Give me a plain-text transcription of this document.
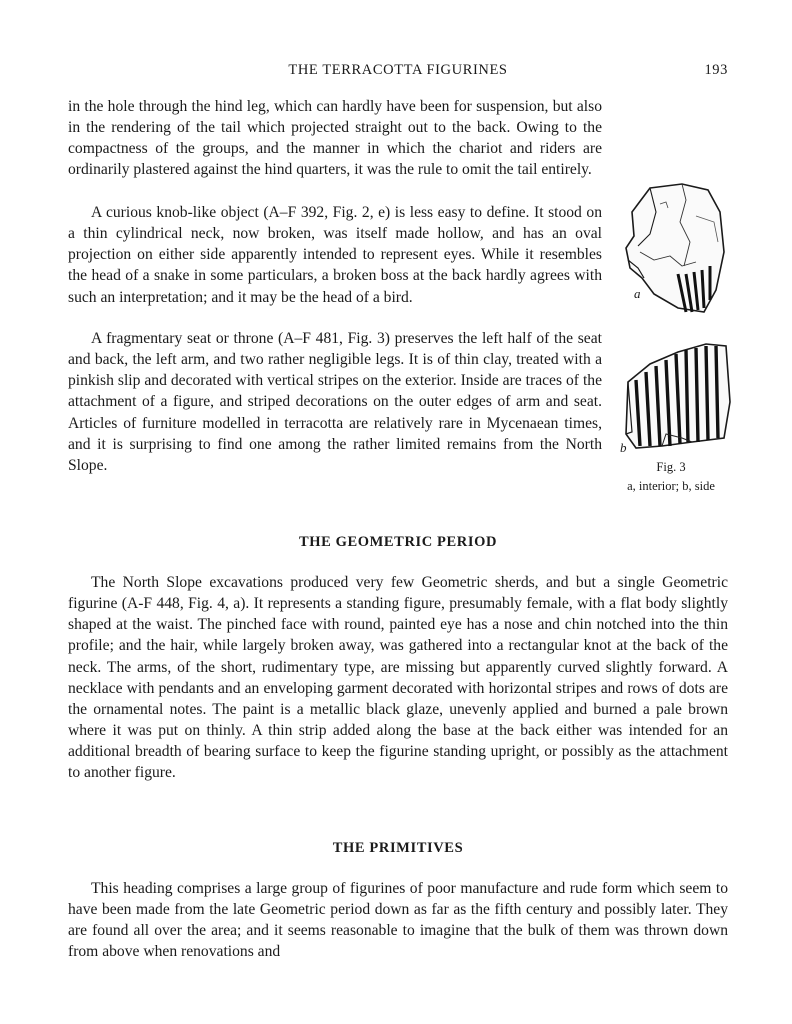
THE TERRACOTTA FIGURINES	193

in the hole through the hind leg, which can hardly have been for suspension, but also in the rendering of the tail which projected straight out to the back. Owing to the compactness of the groups, and the manner in which the chariot and riders are ordinarily plastered against the hind quarters, it was the rule to omit the tail entirely.

A curious knob-like object (A–F 392, Fig. 2, e) is less easy to define. It stood on a thin cylindrical neck, now broken, was itself made hollow, and has an oval projection on either side apparently intended to represent eyes. While it resembles the head of a snake in some particulars, a broken boss at the back hardly agrees with such an interpretation; and it may be the head of a bird.

A fragmentary seat or throne (A–F 481, Fig. 3) preserves the left half of the seat and back, the left arm, and two rather negligible legs. It is of thin clay, treated with a pinkish slip and decorated with vertical stripes on the exterior. Inside are traces of the attachment of a figure, and striped decorations on the outer edges of arm and seat. Articles of furniture modelled in terracotta are relatively rare in Mycenaean times, and it is surprising to find one among the rather limited remains from the North Slope.

a
b

Fig. 3

a, interior; b, side

THE GEOMETRIC PERIOD

The North Slope excavations produced very few Geometric sherds, and but a single Geometric figurine (A-F 448, Fig. 4, a). It represents a standing figure, presumably female, with a flat body slightly shaped at the waist. The pinched face with round, painted eye has a nose and chin notched into the thin profile; and the hair, while largely broken away, was gathered into a rectangular knot at the back of the neck. The arms, of the short, rudimentary type, are missing but apparently curved slightly forward. A necklace with pendants and an enveloping garment decorated with horizontal stripes and rows of dots are the ornamental notes. The paint is a metallic black glaze, unevenly applied and burned a pale brown where it was put on thinly. A thin strip added along the base at the back either was intended for an additional breadth of bearing surface to keep the figurine standing upright, or possibly as the attachment to another figure.

THE PRIMITIVES

This heading comprises a large group of figurines of poor manufacture and rude form which seem to have been made from the late Geometric period down as far as the fifth century and possibly later. They are found all over the area; and it seems reasonable to imagine that the bulk of them was thrown down from above when renovations and
